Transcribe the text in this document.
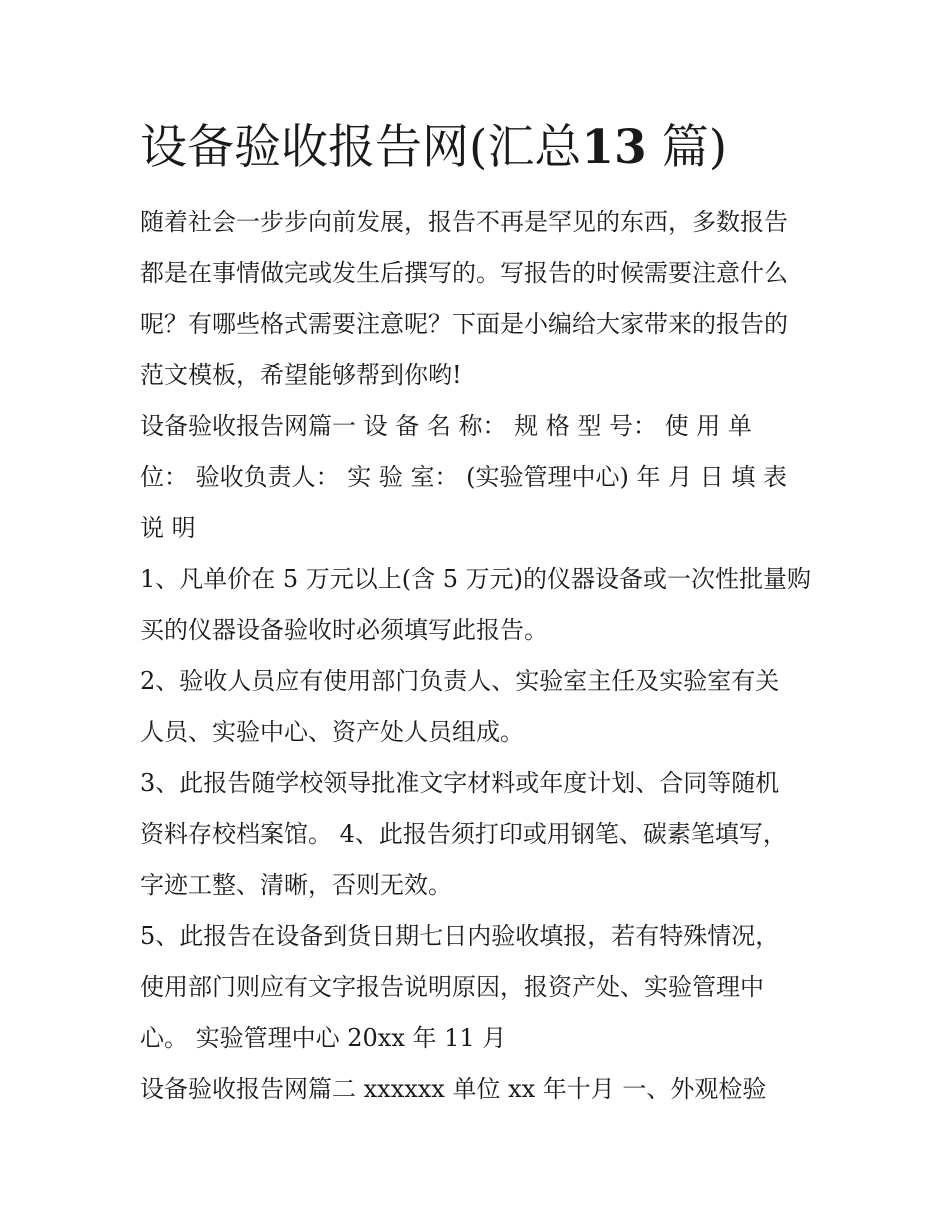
设备验收报告网(汇总13 篇)
随着社会一步步向前发展，报告不再是罕见的东西，多数报告
都是在事情做完或发生后撰写的。写报告的时候需要注意什么
呢？有哪些格式需要注意呢？下面是小编给大家带来的报告的
范文模板，希望能够帮到你哟!
设备验收报告网篇一 设 备 名 称： 规 格 型 号： 使 用 单
位： 验收负责人： 实 验 室： (实验管理中心) 年 月 日 填 表
说 明
1、凡单价在 5 万元以上(含 5 万元)的仪器设备或一次性批量购
买的仪器设备验收时必须填写此报告。
2、验收人员应有使用部门负责人、实验室主任及实验室有关
人员、实验中心、资产处人员组成。
3、此报告随学校领导批准文字材料或年度计划、合同等随机
资料存校档案馆。 4、此报告须打印或用钢笔、碳素笔填写，
字迹工整、清晰，否则无效。
5、此报告在设备到货日期七日内验收填报，若有特殊情况，
使用部门则应有文字报告说明原因，报资产处、实验管理中
心。 实验管理中心 20xx 年 11 月
设备验收报告网篇二 xxxxxx 单位 xx 年十月 一、外观检验
